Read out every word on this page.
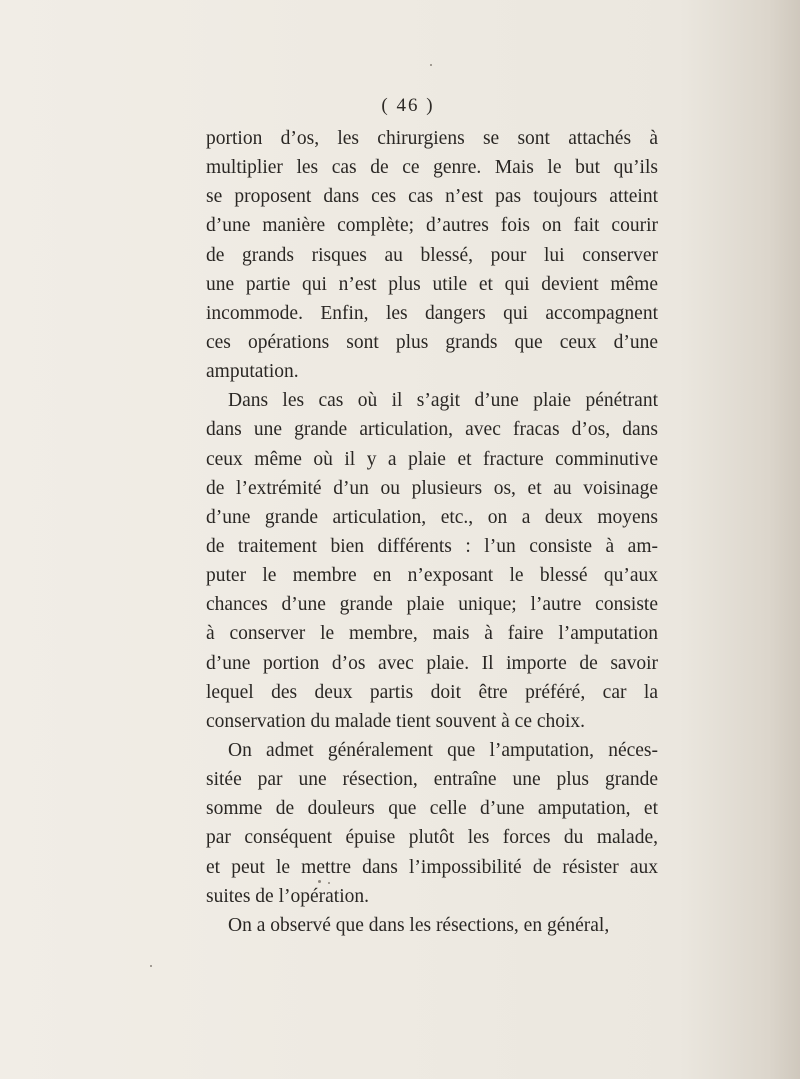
( 46 )
portion d’os, les chirurgiens se sont attachés à
multiplier les cas de ce genre. Mais le but qu’ils
se proposent dans ces cas n’est pas toujours atteint
d’une manière complète; d’autres fois on fait courir
de grands risques au blessé, pour lui conserver
une partie qui n’est plus utile et qui devient même
incommode. Enfin, les dangers qui accompagnent
ces opérations sont plus grands que ceux d’une
amputation.
Dans les cas où il s’agit d’une plaie pénétrant
dans une grande articulation, avec fracas d’os, dans
ceux même où il y a plaie et fracture comminutive
de l’extrémité d’un ou plusieurs os, et au voisinage
d’une grande articulation, etc., on a deux moyens
de traitement bien différents : l’un consiste à am-
puter le membre en n’exposant le blessé qu’aux
chances d’une grande plaie unique; l’autre consiste
à conserver le membre, mais à faire l’amputation
d’une portion d’os avec plaie. Il importe de savoir
lequel des deux partis doit être préféré, car la
conservation du malade tient souvent à ce choix.
On admet généralement que l’amputation, néces-
sitée par une résection, entraîne une plus grande
somme de douleurs que celle d’une amputation, et
par conséquent épuise plutôt les forces du malade,
et peut le mettre dans l’impossibilité de résister aux
suites de l’opération.
On a observé que dans les résections, en général,
